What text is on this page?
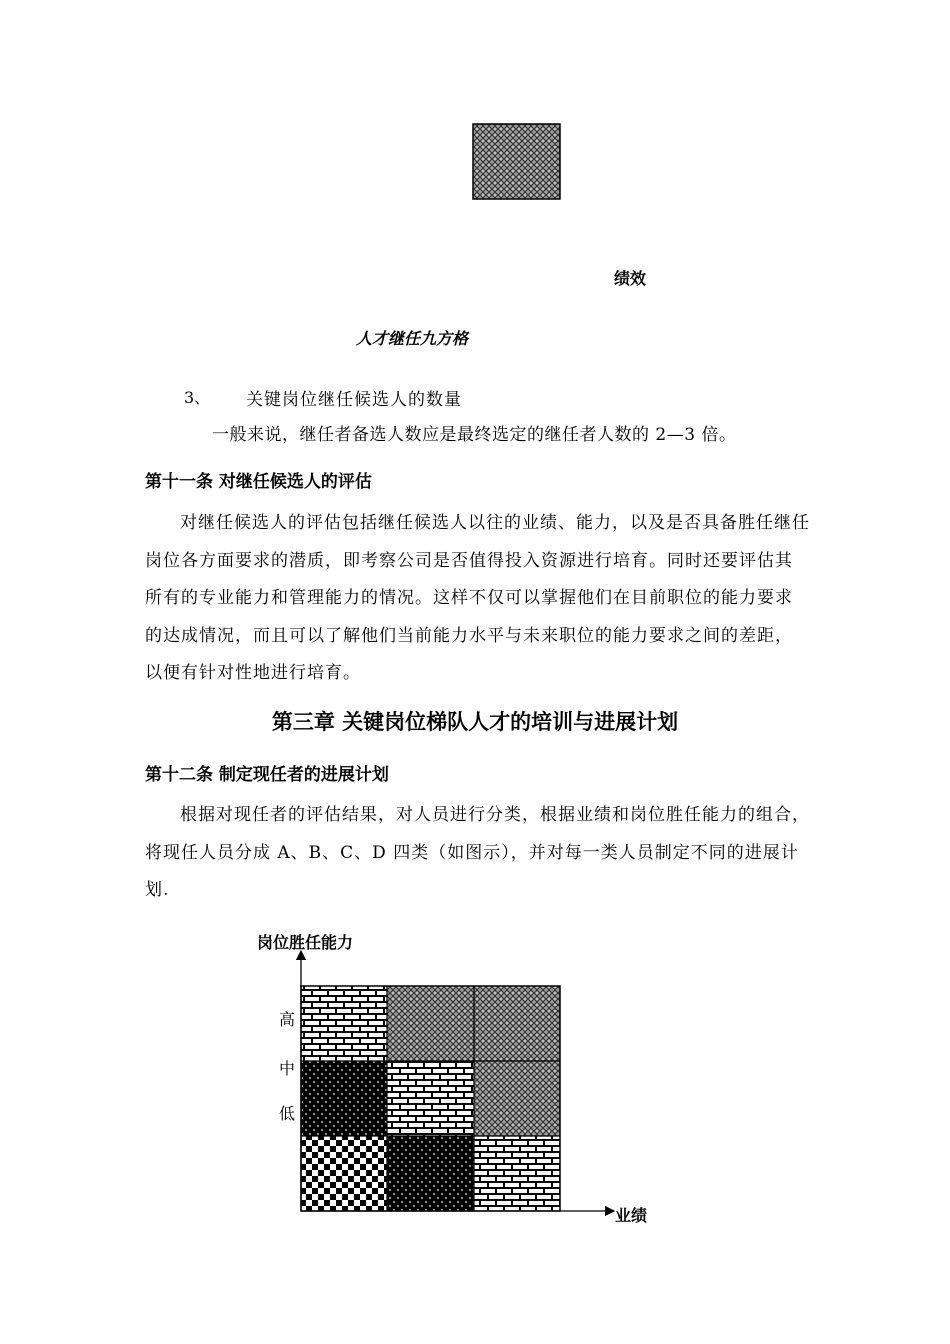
绩效
人才继任九方格
3、 关键岗位继任候选人的数量
一般来说，继任者备选人数应是最终选定的继任者人数的 2—3 倍。
第十一条 对继任候选人的评估

对继任候选人的评估包括继任候选人以往的业绩、能力，以及是否具备胜任继任岗位各方面要求的潜质，即考察公司是否值得投入资源进行培育。同时还要评估其所有的专业能力和管理能力的情况。这样不仅可以掌握他们在目前职位的能力要求的达成情况，而且可以了解他们当前能力水平与未来职位的能力要求之间的差距，以便有针对性地进行培育。

第三章 关键岗位梯队人才的培训与进展计划
第十二条 制定现任者的进展计划

根据对现任者的评估结果，对人员进行分类，根据业绩和岗位胜任能力的组合，将现任人员分成 A、B、C、D 四类（如图示），并对每一类人员制定不同的进展计划.

岗位胜任能力
业绩
高
中
低
